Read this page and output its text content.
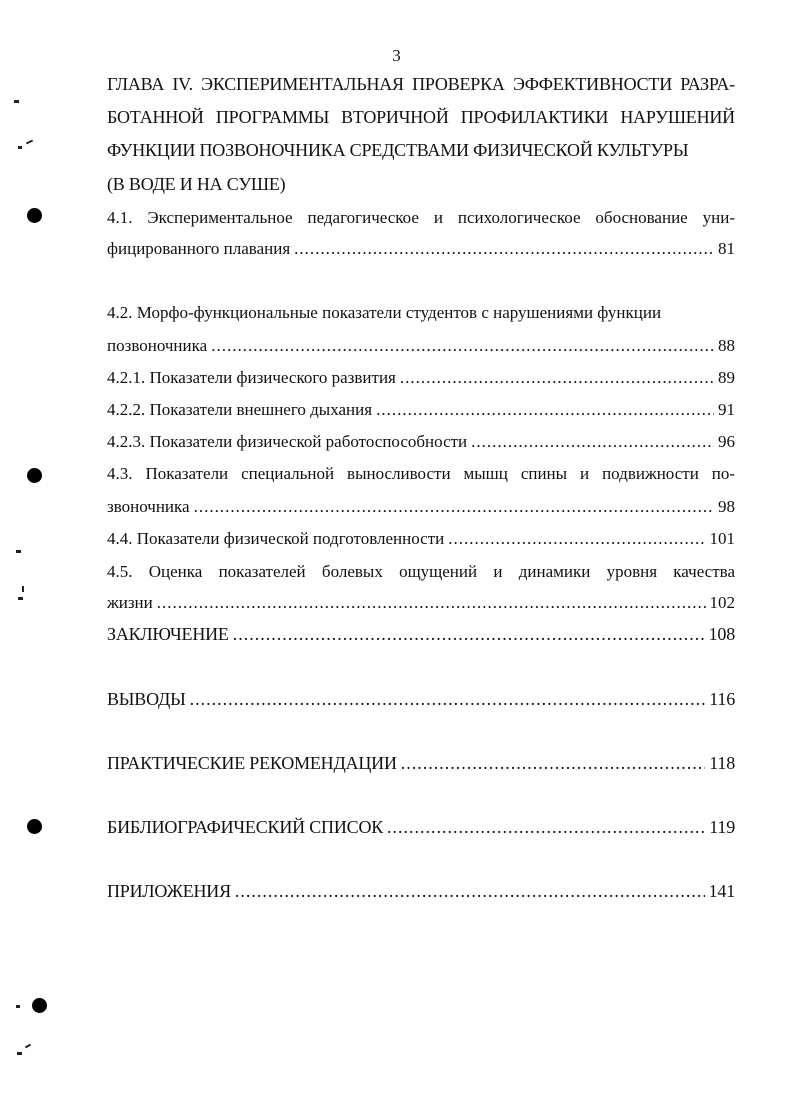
3
ГЛАВА IV. ЭКСПЕРИМЕНТАЛЬНАЯ ПРОВЕРКА ЭФФЕКТИВНОСТИ РАЗРА-
БОТАННОЙ ПРОГРАММЫ ВТОРИЧНОЙ ПРОФИЛАКТИКИ НАРУШЕНИЙ
ФУНКЦИИ ПОЗВОНОЧНИКА СРЕДСТВАМИ ФИЗИЧЕСКОЙ КУЛЬТУРЫ
(В ВОДЕ И НА СУШЕ)
4.1. Экспериментальное педагогическое и психологическое обоснование уни-
фицированного плавания .....	81
4.2. Морфо-функциональные показатели студентов с нарушениями функции
позвоночника .....	88
4.2.1. Показатели физического развития .....	89
4.2.2. Показатели внешнего дыхания .....	91
4.2.3. Показатели физической работоспособности .....	96
4.3. Показатели специальной выносливости мышц спины и подвижности по-
звоночника .....	98
4.4. Показатели физической подготовленности .....	101
4.5. Оценка показателей болевых ощущений и динамики уровня качества
жизни .....	102
ЗАКЛЮЧЕНИЕ .....	108
ВЫВОДЫ .....	116
ПРАКТИЧЕСКИЕ РЕКОМЕНДАЦИИ .....	118
БИБЛИОГРАФИЧЕСКИЙ СПИСОК .....	119
ПРИЛОЖЕНИЯ .....	141
